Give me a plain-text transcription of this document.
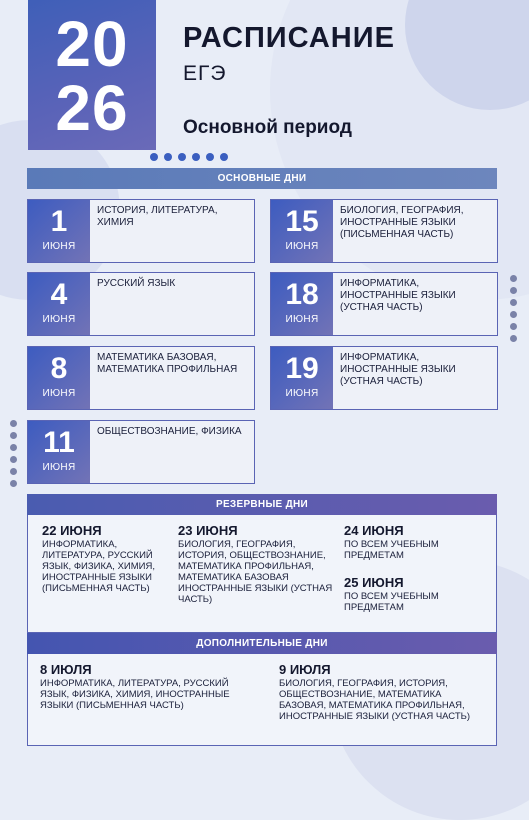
20
26
РАСПИСАНИЕ
ЕГЭ
Основной период
ОСНОВНЫЕ ДНИ
1
ИЮНЯ
ИСТОРИЯ, ЛИТЕРАТУРА, ХИМИЯ	15
ИЮНЯ
БИОЛОГИЯ, ГЕОГРАФИЯ, ИНОСТРАННЫЕ ЯЗЫКИ (ПИСЬМЕННАЯ ЧАСТЬ)
4
ИЮНЯ
РУССКИЙ ЯЗЫК	18
ИЮНЯ
ИНФОРМАТИКА, ИНОСТРАННЫЕ ЯЗЫКИ (УСТНАЯ ЧАСТЬ)
8
ИЮНЯ
МАТЕМАТИКА БАЗОВАЯ, МАТЕМАТИКА ПРОФИЛЬНАЯ	19
ИЮНЯ
ИНФОРМАТИКА, ИНОСТРАННЫЕ ЯЗЫКИ (УСТНАЯ ЧАСТЬ)
11
ИЮНЯ
ОБЩЕСТВОЗНАНИЕ, ФИЗИКА
РЕЗЕРВНЫЕ ДНИ
22 ИЮНЯ
ИНФОРМАТИКА, ЛИТЕРАТУРА, РУССКИЙ ЯЗЫК, ФИЗИКА, ХИМИЯ, ИНОСТРАННЫЕ ЯЗЫКИ (ПИСЬМЕННАЯ ЧАСТЬ)
23 ИЮНЯ
БИОЛОГИЯ, ГЕОГРАФИЯ, ИСТОРИЯ, ОБЩЕСТВОЗНАНИЕ, МАТЕМАТИКА ПРОФИЛЬНАЯ, МАТЕМАТИКА БАЗОВАЯ ИНОСТРАННЫЕ ЯЗЫКИ (УСТНАЯ ЧАСТЬ)
24 ИЮНЯ
ПО ВСЕМ УЧЕБНЫМ ПРЕДМЕТАМ
25 ИЮНЯ
ПО ВСЕМ УЧЕБНЫМ ПРЕДМЕТАМ
ДОПОЛНИТЕЛЬНЫЕ ДНИ
8 ИЮЛЯ
ИНФОРМАТИКА, ЛИТЕРАТУРА, РУССКИЙ ЯЗЫК, ФИЗИКА, ХИМИЯ, ИНОСТРАННЫЕ ЯЗЫКИ (ПИСЬМЕННАЯ ЧАСТЬ)
9 ИЮЛЯ
БИОЛОГИЯ, ГЕОГРАФИЯ, ИСТОРИЯ, ОБЩЕСТВОЗНАНИЕ, МАТЕМАТИКА БАЗОВАЯ, МАТЕМАТИКА ПРОФИЛЬНАЯ, ИНОСТРАННЫЕ ЯЗЫКИ (УСТНАЯ ЧАСТЬ)
